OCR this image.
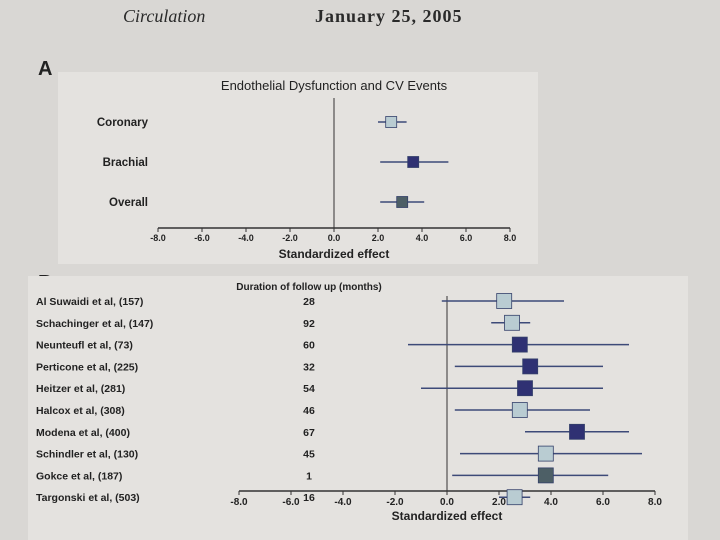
Circulation	January 25, 2005
A
Endothelial Dysfunction and CV Events
-8.0	-6.0	-4.0	-2.0	0.0	2.0	4.0	6.0	8.0
Standardized effect
Coronary
Brachial
Overall
Duration of follow up (months)
-8.0	-6.0	-4.0	-2.0	0.0	2.0	4.0	6.0	8.0
Standardized effect
Al Suwaidi et al, (157)	28
Schachinger et al, (147)	92
Neunteufl et al, (73)	60
Perticone et al, (225)	32
Heitzer et al, (281)	54
Halcox et al, (308)	46
Modena et al, (400)	67
Schindler et al, (130)	45
Gokce et al, (187)	1
Targonski et al, (503)	16
